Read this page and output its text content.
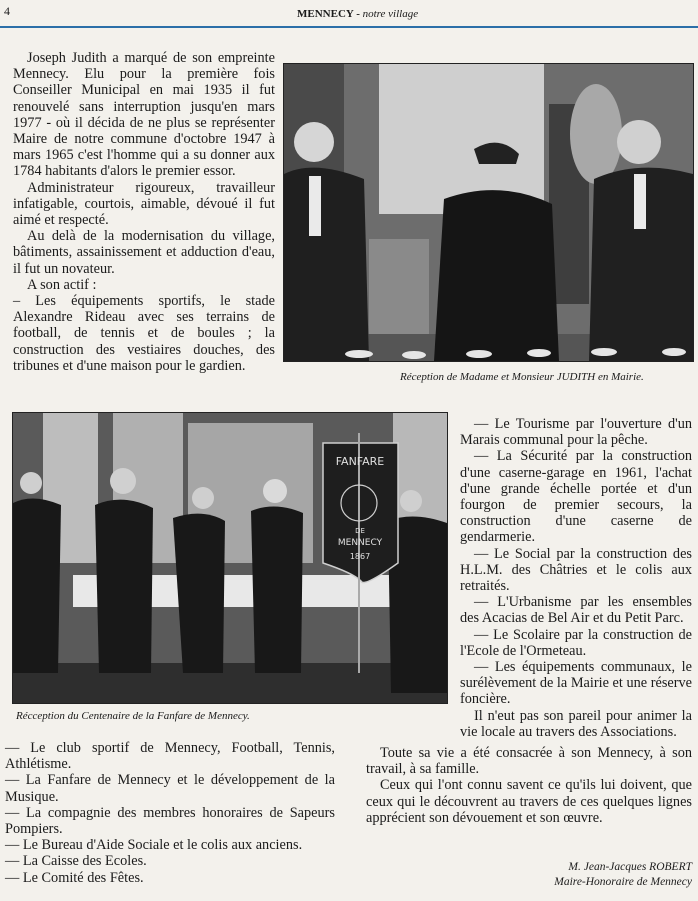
4	MENNECY - notre village

Joseph Judith a marqué de son empreinte Mennecy. Elu pour la première fois Conseiller Municipal en mai 1935 il fut renouvelé sans interruption jusqu'en mars 1977 - où il décida de ne plus se représenter Maire de notre commune d'octobre 1947 à mars 1965 c'est l'homme qui a su donner aux 1784 habitants d'alors le premier essor.

Administrateur rigoureux, travailleur infatigable, courtois, aimable, dévoué il fut aimé et respecté.

Au delà de la modernisation du village, bâtiments, assainissement et adduction d'eau, il fut un novateur.

A son actif :

– Les équipements sportifs, le stade Alexandre Rideau avec ses terrains de football, de tennis et de boules ; la construction des vestiaires douches, des tribunes et d'une maison pour le gardien.

Réception de Madame et Monsieur JUDITH en Mairie.
FANFARE
DE
MENNECY
1867
Récception du Centenaire de la Fanfare de Mennecy.

— Le Tourisme par l'ouverture d'un Marais communal pour la pêche.

— La Sécurité par la construction d'une caserne-garage en 1961, l'achat d'une grande échelle portée et d'un fourgon de premier secours, la construction d'une caserne de gendarmerie.

— Le Social par la construction des H.L.M. des Châtries et le colis aux retraités.

— L'Urbanisme par les ensembles des Acacias de Bel Air et du Petit Parc.

— Le Scolaire par la construction de l'Ecole de l'Ormeteau.

— Les équipements communaux, le surélèvement de la Mairie et une réserve foncière.

Il n'eut pas son pareil pour animer la vie locale au travers des Associations.

— Le club sportif de Mennecy, Football, Tennis, Athlétisme.

— La Fanfare de Mennecy et le développement de la Musique.

— La compagnie des membres honoraires de Sapeurs Pompiers.

— Le Bureau d'Aide Sociale et le colis aux anciens.

— La Caisse des Ecoles.

— Le Comité des Fêtes.

Toute sa vie a été consacrée à son Mennecy, à son travail, à sa famille.

Ceux qui l'ont connu savent ce qu'ils lui doivent, que ceux qui le découvrent au travers de ces quelques lignes apprécient son dévouement et son œuvre.

M. Jean-Jacques ROBERT
Maire-Honoraire de Mennecy
